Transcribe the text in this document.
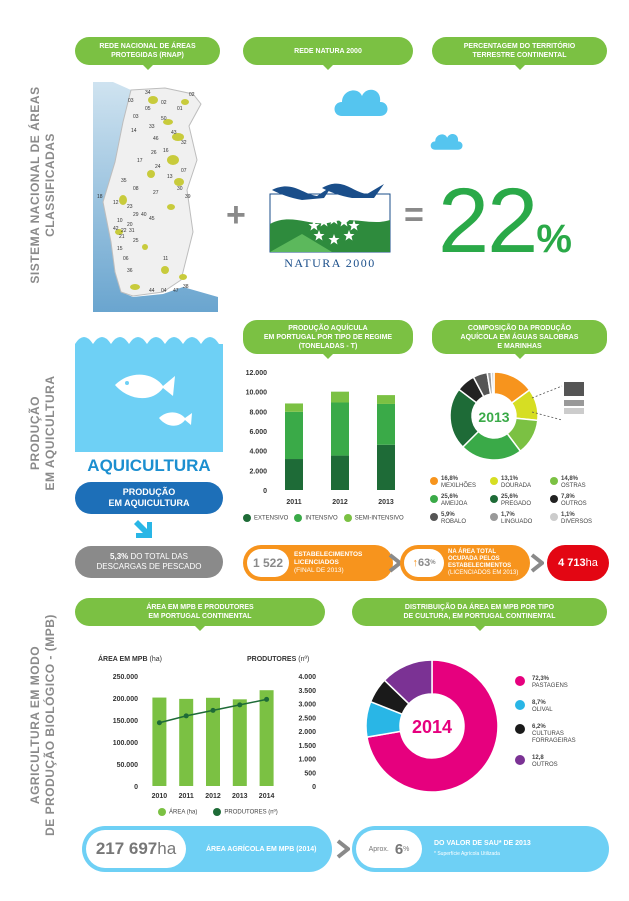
SISTEMA NACIONAL DE ÁREAS CLASSIFICADAS
PRODUÇÃO EM AQUICULTURA
AGRICULTURA EM MODO DE PRODUÇÃO BIOLÓGICO - (MPB)
REDE NACIONAL DE ÁREAS
PROTEGIDAS (RNAP)
REDE NATURA 2000
PERCENTAGEM DO TERRITÓRIO
TERRESTRE CONTINENTAL
34
03	02
05
03
01
50
33
02
14	43
46
32
16
26
17
24
07
13
35
30
08
27
18	39
12
23
29 40
45
10
20
42 22 31
21
25
15
06	11
36
44 04 47
38
+
NATURA 2000
= 22%
AQUICULTURA
PRODUÇÃO
EM AQUICULTURA
5,3% DO TOTAL DAS
DESCARGAS DE PESCADO
PRODUÇÃO AQUÍCULA
EM PORTUGAL POR TIPO DE REGIME
(TONELADAS - T)
COMPOSIÇÃO DA PRODUÇÃO
AQUÍCOLA EM ÁGUAS SALOBRAS
E MARINHAS
0
2.000
4.000
6.000
8.000
10.000
12.000
2011	2012	2013
EXTENSIVO	INTENSIVO	SEMI-INTENSIVO
2013
16,8%
MEXILHÕES
13,1%
DOURADA
14,8%
OSTRAS
25,6%
AMEIJOA
25,6%
PREGADO
7,8%
OUTROS
5,9%
ROBALO
1,7%
LINGUADO
1,1%
DIVERSOS
1 522
ESTABELECIMENTOS
LICENCIADOS
(FINAL DE 2013)
↑ 63 %
NA ÁREA TOTAL
OCUPADA PELOS
ESTABELECIMENTOS
(LICENCIADOS EM 2013)
4 713 ha
ÁREA EM MPB E PRODUTORES
EM PORTUGAL CONTINENTAL
DISTRIBUIÇÃO DA ÁREA EM MPB POR TIPO
DE CULTURA, EM PORTUGAL CONTINENTAL
ÁREA EM MPB (ha)	PRODUTORES (nº)
0
50.000
100.000
150.000
200.000
250.000
0
500
1.000
1.500
2.000
2.500
3.000
3.500
4.000
2010 2011 2012 2013 2014
ÁREA (ha)	PRODUTORES (nº)
2014
72,3%
PASTAGENS
8,7%
OLIVAL
6,2%
CULTURAS FORRAGEIRAS
12,8
OUTROS
217 697 ha	ÁREA AGRÍCOLA EM MPB (2014)	Aprox. 6 %
DO VALOR DE SAU* DE 2013
* Superfície Agrícola Utilizada
